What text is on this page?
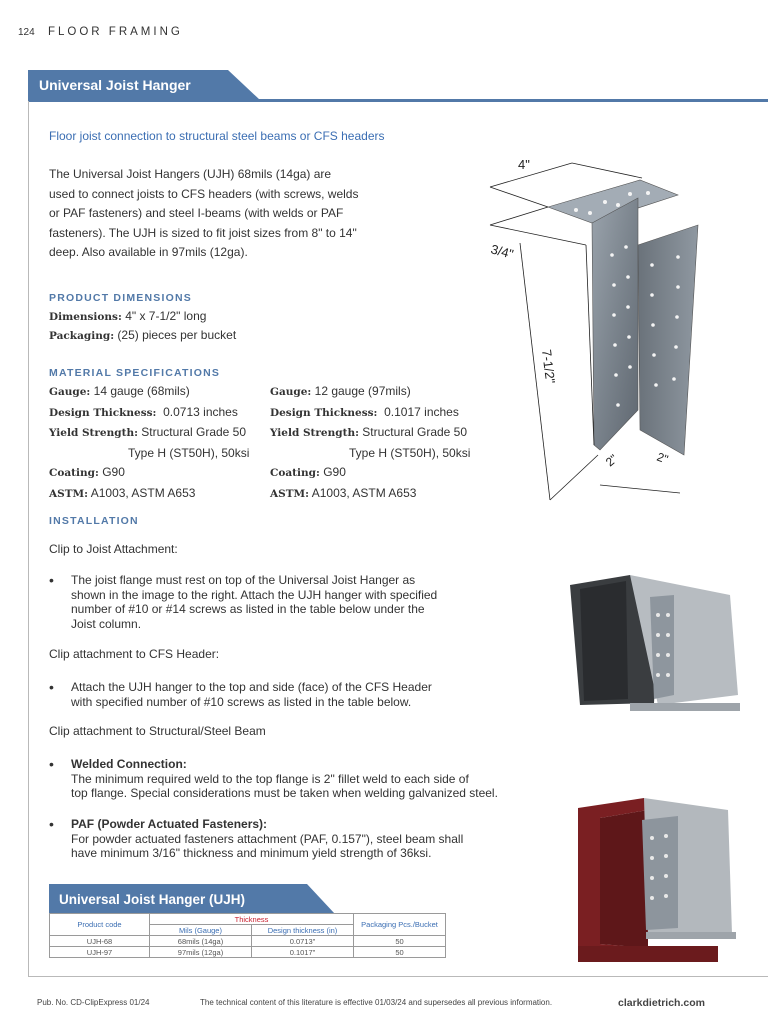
124 FLOOR FRAMING
Universal Joist Hanger
Floor joist connection to structural steel beams or CFS headers
The Universal Joist Hangers (UJH) 68mils (14ga) are used to connect joists to CFS headers (with screws, welds or PAF fasteners) and steel I-beams (with welds or PAF fasteners). The UJH is sized to fit joist sizes from 8" to 14" deep. Also available in 97mils (12ga).
PRODUCT DIMENSIONS
Dimensions: 4" x 7-1/2" long
Packaging: (25) pieces per bucket
MATERIAL SPECIFICATIONS
Gauge: 14 gauge (68mils)
Design Thickness: 0.0713 inches
Yield Strength: Structural Grade 50
Type H (ST50H), 50ksi
Coating: G90
ASTM: A1003, ASTM A653
Gauge: 12 gauge (97mils)
Design Thickness: 0.1017 inches
Yield Strength: Structural Grade 50
Type H (ST50H), 50ksi
Coating: G90
ASTM: A1003, ASTM A653
INSTALLATION
Clip to Joist Attachment:
• The joist flange must rest on top of the Universal Joist Hanger as
shown in the image to the right. Attach the UJH hanger with specified
number of #10 or #14 screws as listed in the table below under the
Joist column.
Clip attachment to CFS Header:
• Attach the UJH hanger to the top and side (face) of the CFS Header
with specified number of #10 screws as listed in the table below.
Clip attachment to Structural/Steel Beam
• Welded Connection:
The minimum required weld to the top flange is 2" fillet weld to each side of
top flange. Special considerations must be taken when welding galvanized steel.
• PAF (Powder Actuated Fasteners):
For powder actuated fasteners attachment (PAF, 0.157"), steel beam shall
have minimum 3/16" thickness and minimum yield strength of 36ksi.
4"
3/4"
7-1/2"
2"	2"
Universal Joist Hanger (UJH)
Product code	Thickness		Packaging Pcs./Bucket
	Mils (Gauge)	Design thickness (in)	
UJH-68	68mils (14ga)	0.0713"	50
UJH-97	97mils (12ga)	0.1017"	50
Pub. No. CD-ClipExpress 01/24	The technical content of this literature is effective 01/03/24 and supersedes all previous information.	clarkdietrich.com
